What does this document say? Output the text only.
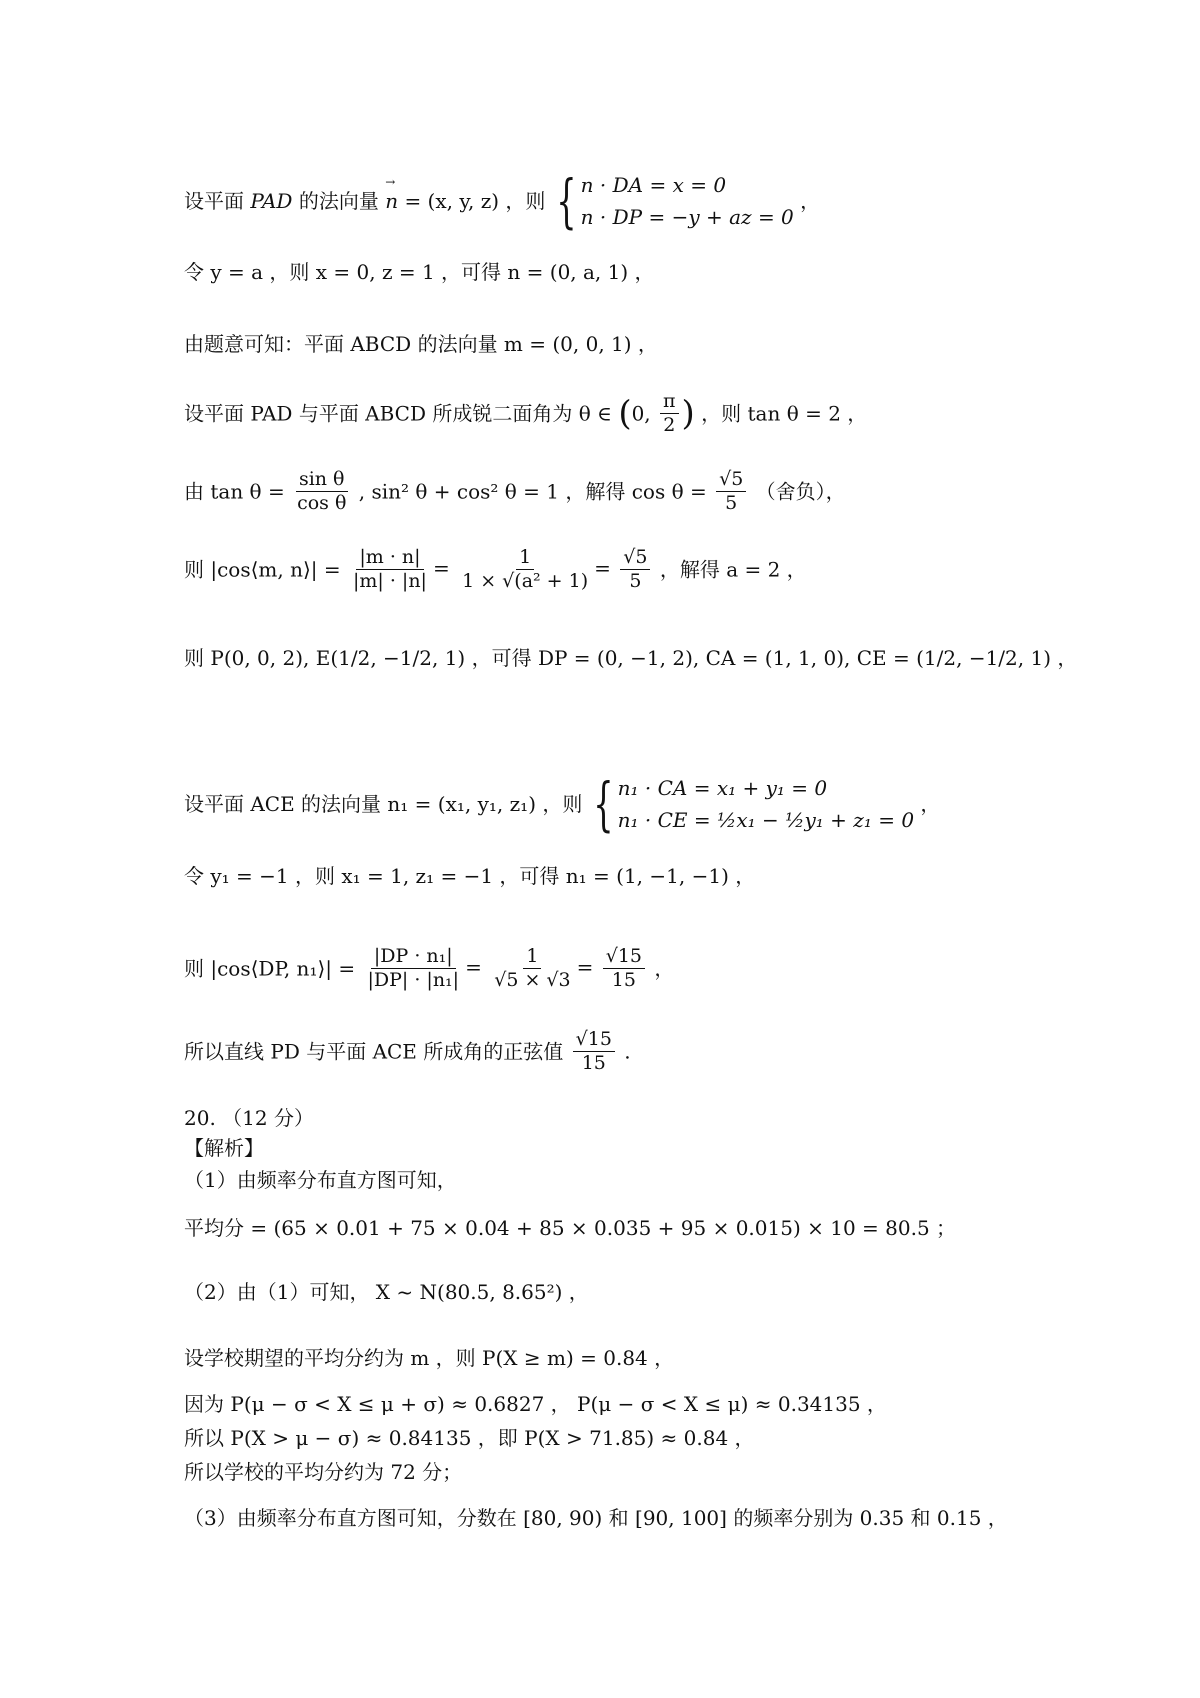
设平面 PAD 的法向量 → n = (x, y, z) ，则 { n · DA = x = 0
n · DP = −y + az = 0
，
令 y = a ，则 x = 0, z = 1 ，可得 n = (0, a, 1) ，
由题意可知：平面 ABCD 的法向量 m = (0, 0, 1) ，
设平面 PAD 与平面 ABCD 所成锐二面角为 θ ∈ (0, $\frac{\pi}{2}$ ) ，则 tan θ = 2 ，
由 $\tan \theta = \frac{\text{sin θ}}{\text{cos θ}}$ , sin² θ + cos² θ = 1 ，解得 $\cos \theta = \frac{√5}{5}$ （舍负），
则 |cos⟨m, n⟩| = $\frac{|m \cdot n|}{|m| \cdot |n|} = \frac{1}{\text{1 × √(a² + 1)}} = \frac{√5}{5}$ ，解得 a = 2 ，
则 P(0, 0, 2), E(1/2, −1/2, 1) ，可得 DP = (0, −1, 2), CA = (1, 1, 0), CE = (1/2, −1/2, 1) ，
设平面 ACE 的法向量 n₁ = (x₁, y₁, z₁) ，则 { n₁ · CA = x₁ + y₁ = 0
n₁ · CE = ½x₁ − ½y₁ + z₁ = 0
，
令 y₁ = −1 ，则 x₁ = 1, z₁ = −1 ，可得 n₁ = (1, −1, −1) ，
则 |cos⟨DP, n₁⟩| = $\frac{\text{|DP · n₁|}}{\text{|DP| · |n₁|}} = \frac{1}{√5 \times √3} = \frac{√15}{15}$ ，
所以直线 PD 与平面 ACE 所成角的正弦值 $\frac{√15}{15}$ .
20. （12 分）
【解析】
（1）由频率分布直方图可知，
平均分 = (65 × 0.01 + 75 × 0.04 + 85 × 0.035 + 95 × 0.015) × 10 = 80.5 ；
（2）由（1）可知， X ~ N(80.5, 8.65²) ，
设学校期望的平均分约为 m ，则 P(X ≥ m) = 0.84 ，
因为 P(μ − σ < X ≤ μ + σ) ≈ 0.6827 ， P(μ − σ < X ≤ μ) ≈ 0.34135 ，
所以 P(X > μ − σ) ≈ 0.84135 ，即 P(X > 71.85) ≈ 0.84 ，
所以学校的平均分约为 72 分；
（3）由频率分布直方图可知，分数在 [80, 90) 和 [90, 100] 的频率分别为 0.35 和 0.15 ，
